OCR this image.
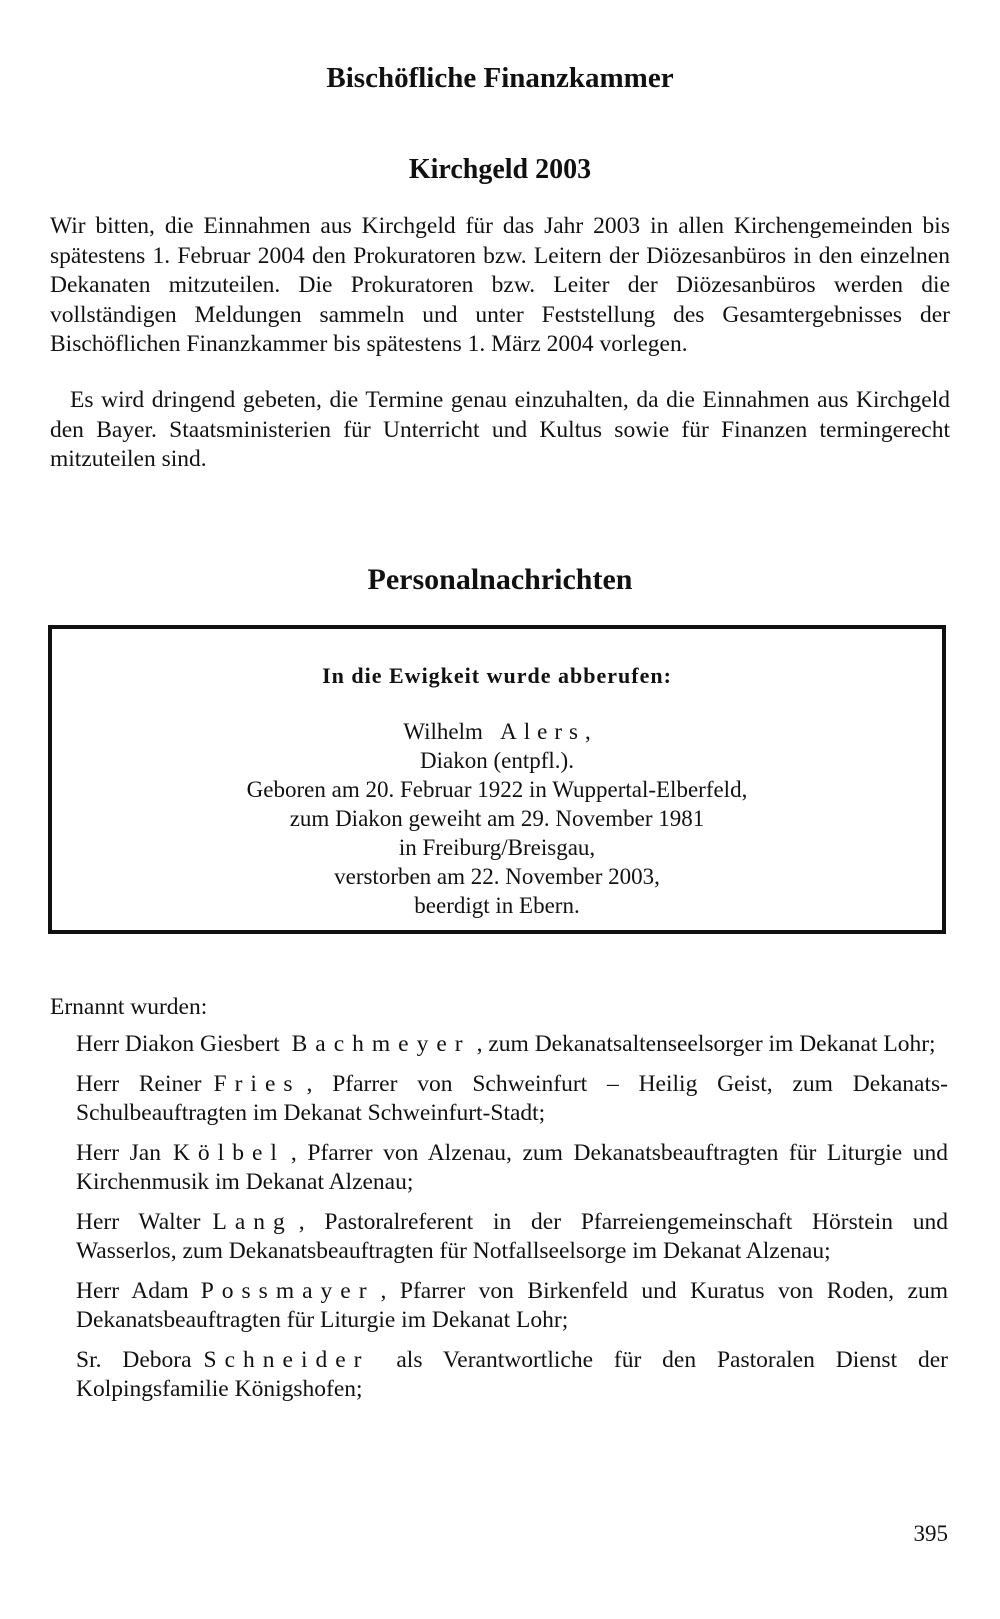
Bischöfliche Finanzkammer
Kirchgeld 2003

Wir bitten, die Einnahmen aus Kirchgeld für das Jahr 2003 in allen Kirchengemeinden bis spätestens 1. Februar 2004 den Prokuratoren bzw. Leitern der Diözesanbüros in den einzelnen Dekanaten mitzuteilen. Die Prokuratoren bzw. Leiter der Diözesanbüros werden die vollständigen Meldungen sammeln und unter Feststellung des Gesamtergebnisses der Bischöflichen Finanzkammer bis spätestens 1. März 2004 vorlegen.

Es wird dringend gebeten, die Termine genau einzuhalten, da die Einnahmen aus Kirchgeld den Bayer. Staatsministerien für Unterricht und Kultus sowie für Finanzen termingerecht mitzuteilen sind.

Personalnachrichten

In die Ewigkeit wurde abberufen:

Wilhelm Alers,
Diakon (entpfl.).
Geboren am 20. Februar 1922 in Wuppertal-Elberfeld,
zum Diakon geweiht am 29. November 1981
in Freiburg/Breisgau,
verstorben am 22. November 2003,
beerdigt in Ebern.

Ernannt wurden:

Herr Diakon Giesbert Bachmeyer , zum Dekanatsaltenseelsorger im Dekanat Lohr;

Herr Reiner Fries , Pfarrer von Schweinfurt – Heilig Geist, zum Dekanats-Schulbeauftragten im Dekanat Schweinfurt-Stadt;

Herr Jan Kölbel , Pfarrer von Alzenau, zum Dekanatsbeauftragten für Liturgie und Kirchenmusik im Dekanat Alzenau;

Herr Walter Lang , Pastoralreferent in der Pfarreiengemeinschaft Hörstein und Wasserlos, zum Dekanatsbeauftragten für Notfallseelsorge im Dekanat Alzenau;

Herr Adam Possmayer , Pfarrer von Birkenfeld und Kuratus von Roden, zum Dekanatsbeauftragten für Liturgie im Dekanat Lohr;

Sr. Debora Schneider als Verantwortliche für den Pastoralen Dienst der Kolpingsfamilie Königshofen;

395
